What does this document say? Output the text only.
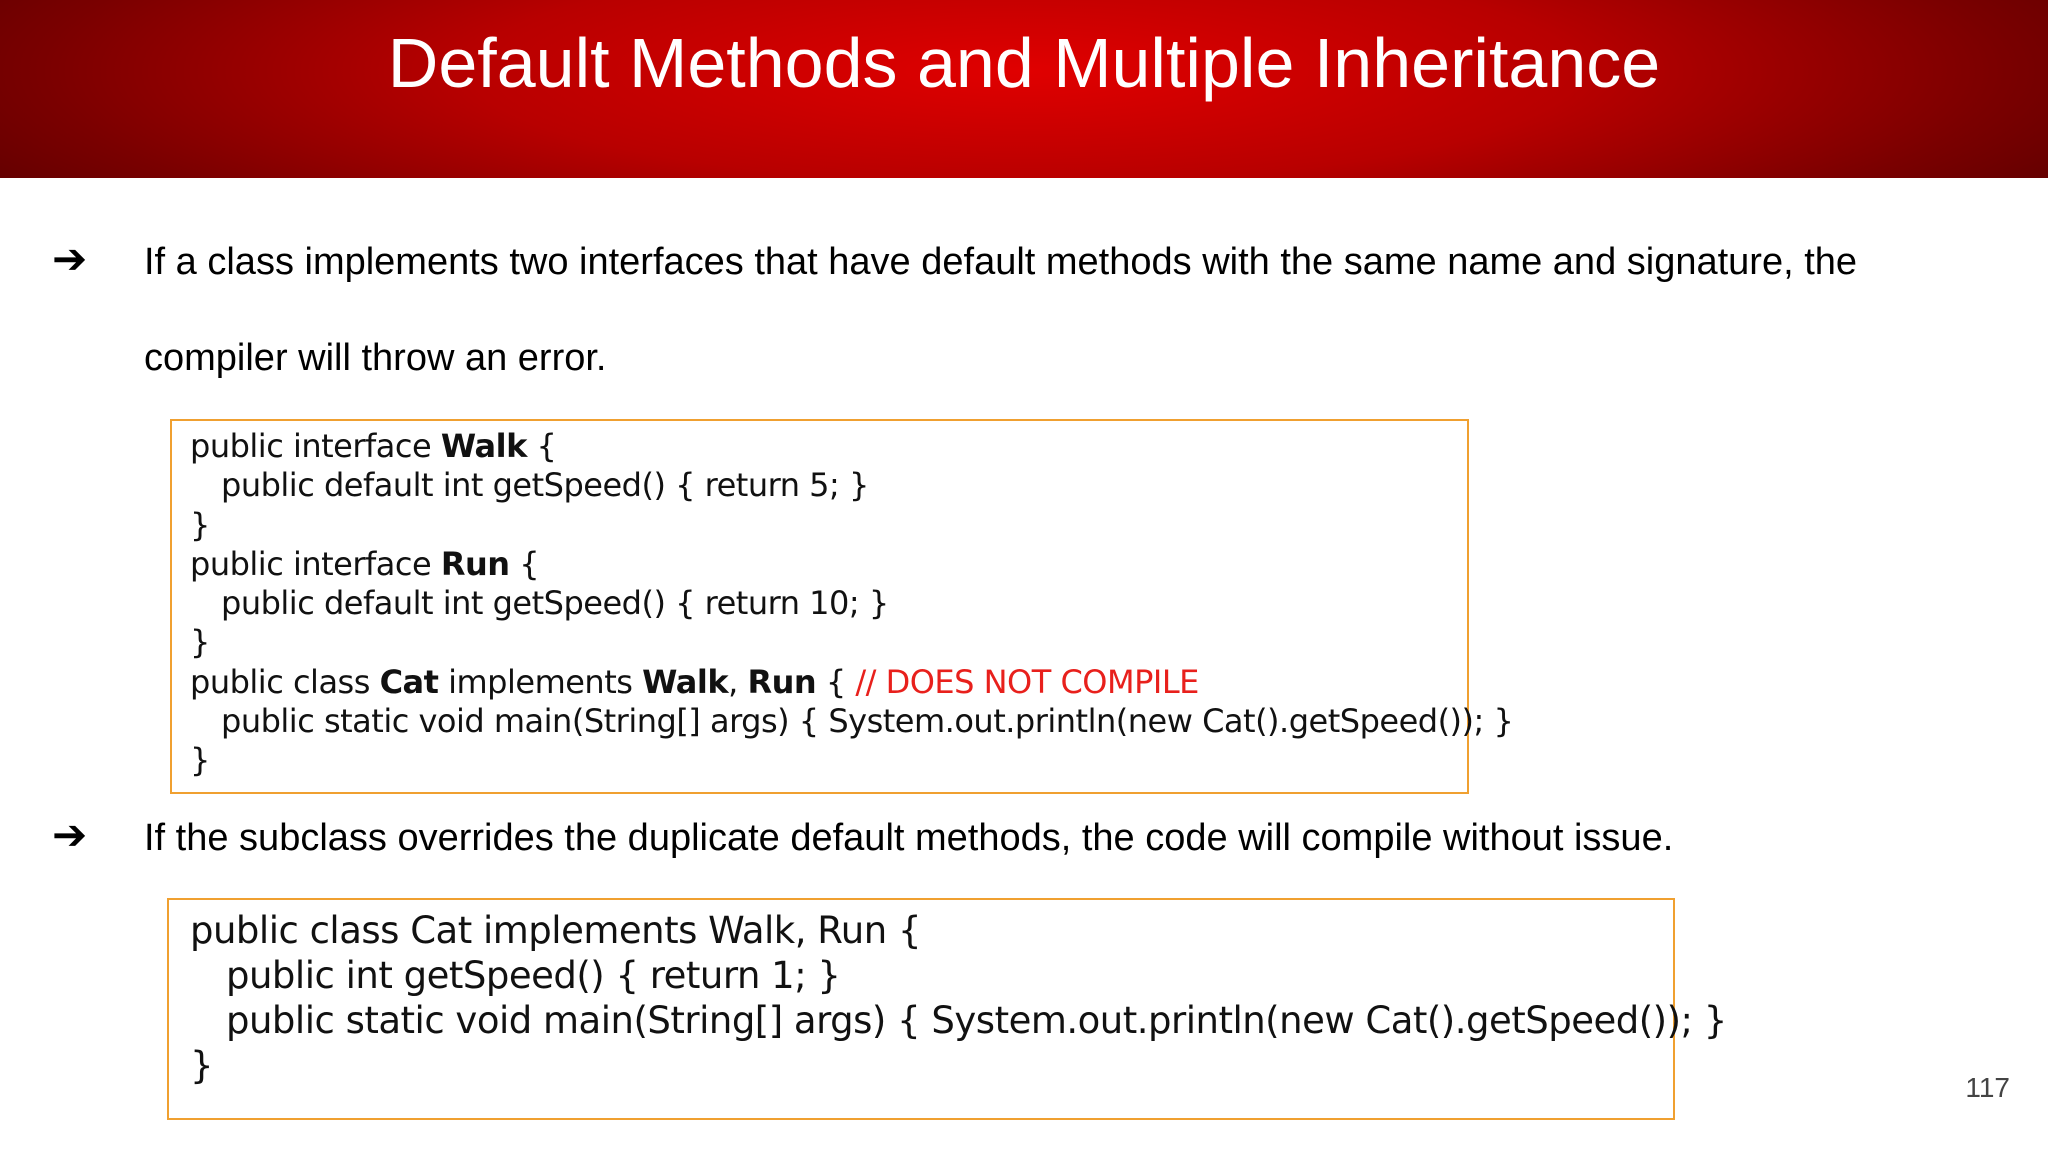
Default Methods and Multiple Inheritance
➔ If a class implements two interfaces that have default methods with the same name and signature, the
compiler will throw an error.
public interface Walk {
public default int getSpeed() { return 5; }
}
public interface Run {
public default int getSpeed() { return 10; }
}
public class Cat implements Walk, Run { // DOES NOT COMPILE
public static void main(String[] args) { System.out.println(new Cat().getSpeed()); }
}
➔ If the subclass overrides the duplicate default methods, the code will compile without issue.
public class Cat implements Walk, Run {
public int getSpeed() { return 1; }
public static void main(String[] args) { System.out.println(new Cat().getSpeed()); }
}
117
